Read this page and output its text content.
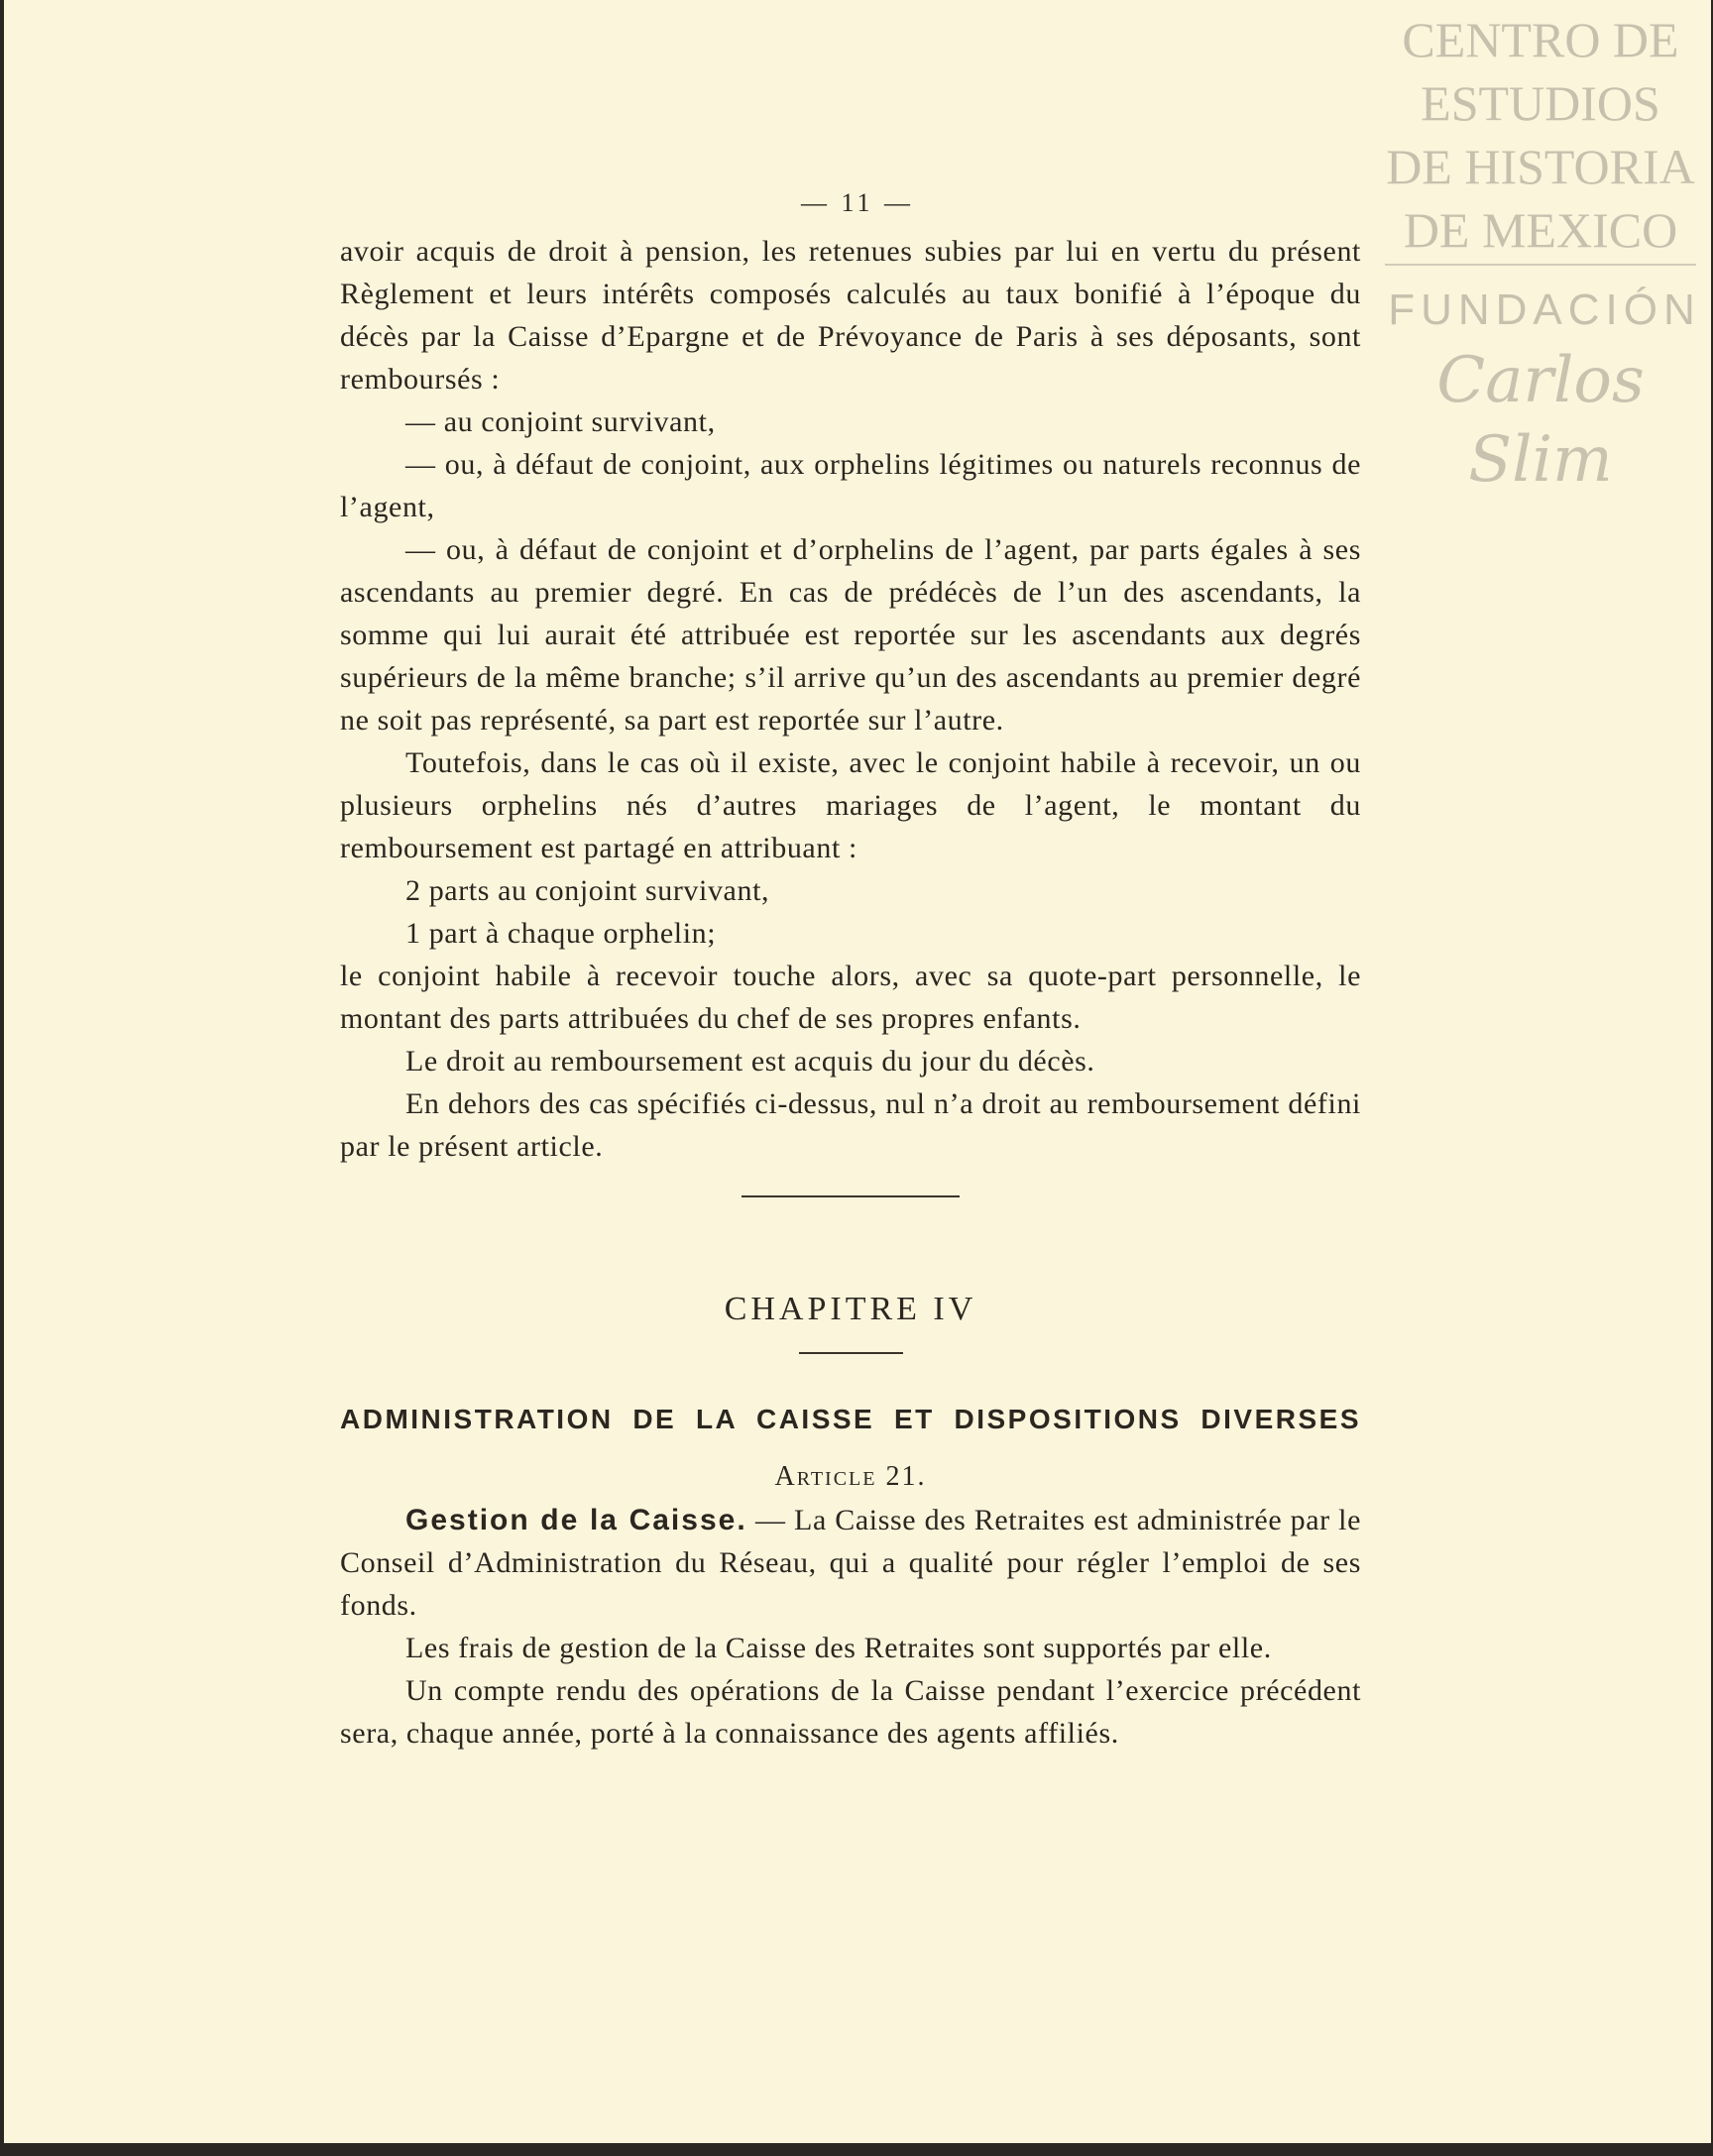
CENTRO DE
ESTUDIOS
DE HISTORIA
DE MEXICO
FUNDACIÓN
Carlos Slim
— 11 —

avoir acquis de droit à pension, les retenues subies par lui en vertu du présent Règlement et leurs intérêts composés calculés au taux bonifié à l’époque du décès par la Caisse d’Epargne et de Prévoyance de Paris à ses déposants, sont remboursés :

— au conjoint survivant,

— ou, à défaut de conjoint, aux orphelins légitimes ou naturels reconnus de l’agent,

— ou, à défaut de conjoint et d’orphelins de l’agent, par parts égales à ses ascendants au premier degré. En cas de prédécès de l’un des ascendants, la somme qui lui aurait été attribuée est reportée sur les ascendants aux degrés supérieurs de la même branche; s’il arrive qu’un des ascendants au premier degré ne soit pas représenté, sa part est reportée sur l’autre.

Toutefois, dans le cas où il existe, avec le conjoint habile à recevoir, un ou plusieurs orphelins nés d’autres mariages de l’agent, le montant du remboursement est partagé en attribuant :

2 parts au conjoint survivant,

1 part à chaque orphelin;

le conjoint habile à recevoir touche alors, avec sa quote-part personnelle, le montant des parts attribuées du chef de ses propres enfants.

Le droit au remboursement est acquis du jour du décès.

En dehors des cas spécifiés ci-dessus, nul n’a droit au remboursement défini par le présent article.

CHAPITRE IV
ADMINISTRATION DE LA CAISSE ET DISPOSITIONS DIVERSES
Article 21.

Gestion de la Caisse. — La Caisse des Retraites est administrée par le Conseil d’Administration du Réseau, qui a qualité pour régler l’emploi de ses fonds.

Les frais de gestion de la Caisse des Retraites sont supportés par elle.

Un compte rendu des opérations de la Caisse pendant l’exercice précédent sera, chaque année, porté à la connaissance des agents affiliés.
